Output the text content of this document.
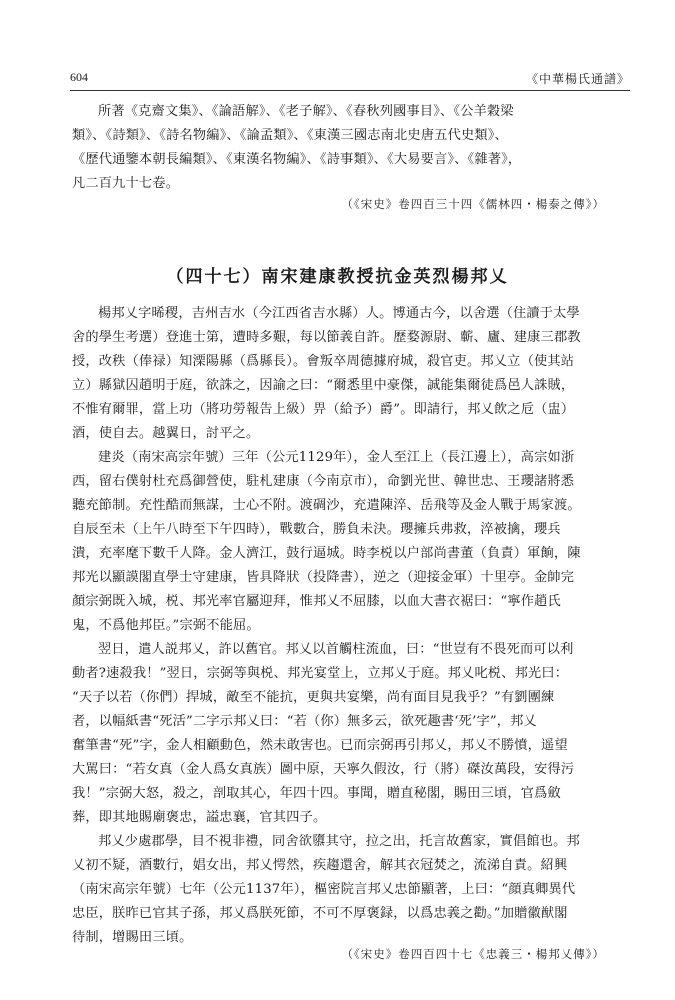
604	《中華楊氏通譜》
所著《克齋文集》、《論語解》、《老子解》、《春秋列國事目》、《公羊穀梁
類》、《詩類》、《詩名物編》、《論孟類》、《東漢三國志南北史唐五代史類》、
《歷代通鑒本朝長編類》、《東漢名物編》、《詩事類》、《大易要言》、《雜著》，
凡二百九十七卷。
（《宋史》卷四百三十四《儒林四・楊泰之傳》）
（四十七）南宋建康教授抗金英烈楊邦乂
楊邦乂字晞稷，吉州吉水（今江西省吉水縣）人。博通古今，以舍選（住讀于太學
舍的學生考選）登進士第，遭時多艱，每以節義自許。歷婺源尉、蘄、廬、建康三郡教
授，改秩（俸禄）知溧陽縣（爲縣長）。會叛卒周德據府城，殺官吏。邦乂立（使其站
立）縣獄囚趙明于庭，欲誅之，因諭之曰：“爾悉里中豪傑，誠能集爾徒爲邑人誅賊，
不惟宥爾罪，當上功（將功勞報告上級）畀（給予）爵”。即請行，邦乂飲之卮（盅）
酒，使自去。越翼日，討平之。
建炎（南宋高宗年號）三年（公元1129年），金人至江上（長江邊上），高宗如浙
西，留右僕射杜充爲御營使，駐札建康（今南京市），命劉光世、韓世忠、王瓔諸將悉
聽充節制。充性酷而無謀，士心不附。渡碉沙，充遣陳淬、岳飛等及金人戰于馬家渡。
自辰至未（上午八時至下午四時），戰數合，勝負未決。瓔擁兵弗救，淬被擒，瓔兵
潰，充率麾下數千人降。金人濟江，鼓行逼城。時李棁以户部尚書董（負責）軍餉，陳
邦光以顯謨閣直學士守建康，皆具降狀（投降書），逆之（迎接金軍）十里亭。金帥完
顏宗弼既入城，棁、邦光率官屬迎拜，惟邦乂不屈膝，以血大書衣裾曰：“寧作趙氏
鬼，不爲他邦臣。”宗弼不能屈。
翌日，遣人説邦乂，許以舊官。邦乂以首觸柱流血，曰：“世豈有不畏死而可以利
動者?速殺我！”翌日，宗弼等與棁、邦光宴堂上，立邦乂于庭。邦乂叱棁、邦光曰：
“天子以若（你們）捍城，敵至不能抗，更與共宴樂，尚有面目見我乎？”有劉團練
者，以幅紙書“死活”二字示邦乂曰：“若（你）無多云，欲死趣書‘死’字”，邦乂
奮筆書“死”字，金人相顧動色，然未敢害也。已而宗弼再引邦乂，邦乂不勝憤，遥望
大駡曰：“若女真（金人爲女真族）圖中原，天寧久假汝，行（將）磔汝萬段，安得污
我！”宗弼大怒，殺之，剖取其心，年四十四。事聞，贈直秘閣，賜田三頃，官爲斂
葬，即其地賜廟褒忠，謚忠襄，官其四子。
邦乂少處郡學，目不視非禮，同舍欲隳其守，拉之出，托言故舊家，實倡館也。邦
乂初不疑，酒數行，娼女出，邦乂愕然，疾趨還舍，解其衣冠焚之，流涕自責。紹興
（南宋高宗年號）七年（公元1137年），樞密院言邦乂忠節顯著，上曰：“顔真卿異代
忠臣，朕昨已官其子孫，邦乂爲朕死節，不可不厚褒録，以爲忠義之勸。”加贈徽猷閣
待制，增賜田三頃。
（《宋史》卷四百四十七《忠義三・楊邦乂傳》）
